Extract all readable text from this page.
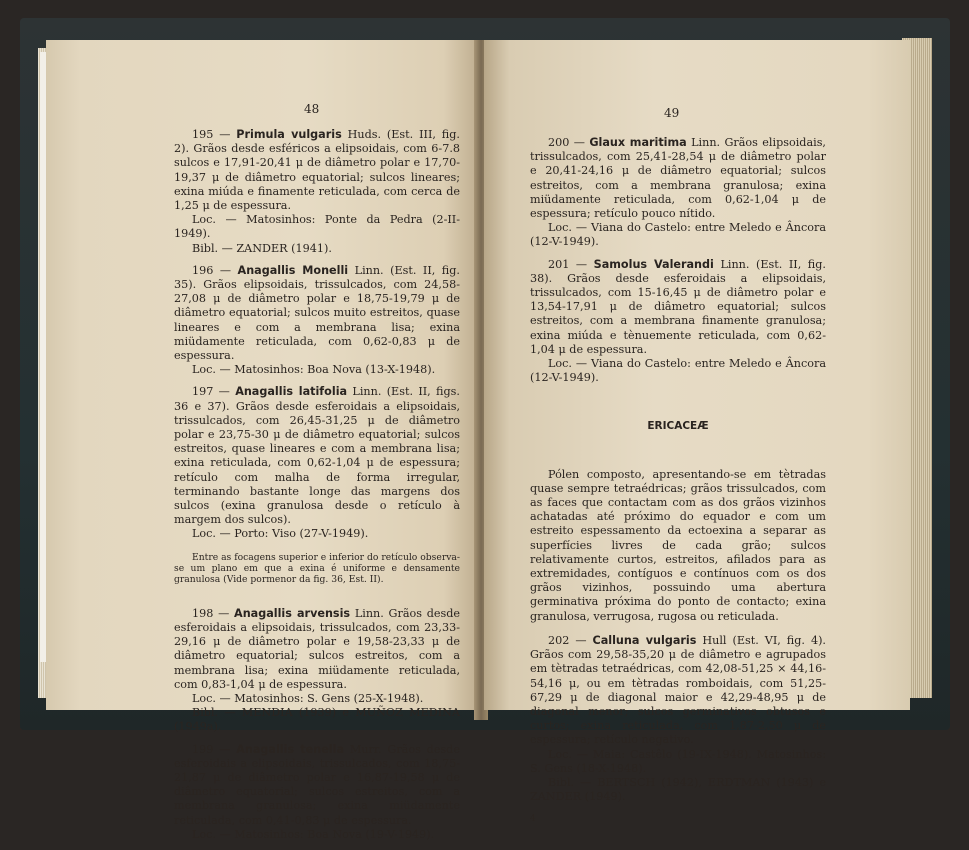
48

195 — Primula vulgaris Huds. (Est. III, fig. 2). Grãos desde esféricos a elipsoidais, com 6-7.8 sulcos e 17,91-20,41 μ de diâmetro polar e 17,70-19,37 μ de diâmetro equatorial; sulcos lineares; exina miúda e finamente reticulada, com cerca de 1,25 μ de espessura.

Loc. — Matosinhos: Ponte da Pedra (2-II-1949).

Bibl. — ZANDER (1941).

196 — Anagallis Monelli Linn. (Est. II, fig. 35). Grãos elipsoidais, trissulcados, com 24,58-27,08 μ de diâmetro polar e 18,75-19,79 μ de diâmetro equatorial; sulcos muito estreitos, quase lineares e com a membrana lisa; exina miüdamente reticulada, com 0,62-0,83 μ de espessura.

Loc. — Matosinhos: Boa Nova (13-X-1948).

197 — Anagallis latifolia Linn. (Est. II, figs. 36 e 37). Grãos desde esferoidais a elipsoidais, trissulcados, com 26,45-31,25 μ de diâmetro polar e 23,75-30 μ de diâmetro equatorial; sulcos estreitos, quase lineares e com a membrana lisa; exina reticulada, com 0,62-1,04 μ de espessura; retículo com malha de forma irregular, terminando bastante longe das margens dos sulcos (exina granulosa desde o retículo à margem dos sulcos).

Loc. — Porto: Viso (27-V-1949).

Entre as focagens superior e inferior do retículo observa-se um plano em que a exina é uniforme e densamente granulosa (Vide pormenor da fig. 36, Est. II).

198 — Anagallis arvensis Linn. Grãos desde esferoidais a elipsoidais, trissulcados, com 23,33-29,16 μ de diâmetro polar e 19,58-23,33 μ de diâmetro equatorial; sulcos estreitos, com a membrana lisa; exina miüdamente reticulada, com 0,83-1,04 μ de espessura.

Loc. — Matosinhos: S. Gens (25-X-1948).

Bibl. — MENDIA (1939) e MUÑOZ MEDINA (1949a).

199 — Anagallis tenella Murr. Grãos desde esferoidais a elipsoidais, trissulcados, com 18,75-21,87 μ de diâmetro polar e 16,87-19,58 μ de diâmetro equatorial; sulcos estreitos, com a membrana granulosa; exina miüdamente reticulada, com 0,41-0,83 μ de espessura.

Loc. — Matosinhos: Boa Nova (19-V-1949).

49

200 — Glaux maritima Linn. Grãos elipsoidais, trissulcados, com 25,41-28,54 μ de diâmetro polar e 20,41-24,16 μ de diâmetro equatorial; sulcos estreitos, com a membrana granulosa; exina miüdamente reticulada, com 0,62-1,04 μ de espessura; retículo pouco nítido.

Loc. — Viana do Castelo: entre Meledo e Âncora (12-V-1949).

201 — Samolus Valerandi Linn. (Est. II, fig. 38). Grãos desde esferoidais a elipsoidais, trissulcados, com 15-16,45 μ de diâmetro polar e 13,54-17,91 μ de diâmetro equatorial; sulcos estreitos, com a membrana finamente granulosa; exina miúda e tènuemente reticulada, com 0,62-1,04 μ de espessura.

Loc. — Viana do Castelo: entre Meledo e Âncora (12-V-1949).

ERICACEÆ

Pólen composto, apresentando-se em tètradas quase sempre tetraédricas; grãos trissulcados, com as faces que contactam com as dos grãos vizinhos achatadas até próximo do equador e com um estreito espessamento da ectoexina a separar as superfícies livres de cada grão; sulcos relativamente curtos, estreitos, afilados para as extremidades, contíguos e contínuos com os dos grãos vizinhos, possuindo uma abertura germinativa próxima do ponto de contacto; exina granulosa, verrugosa, rugosa ou reticulada.

202 — Calluna vulgaris Hull (Est. VI, fig. 4). Grãos com 29,58-35,20 μ de diâmetro e agrupados em tètradas tetraédricas, com 42,08-51,25 × 44,16-54,16 μ, ou em tètradas romboidais, com 51,25-67,29 μ de diagonal maior e 42,29-48,95 μ de diagonal menor; sulcos germinativos obtusos e curtos; exina reticulada, com 1,87-2,50 μ de espessura; retículo negativo.

Loc. — Maia: Castêlo (19-IX-1948). Matosinhos: S. Gens (18-X-1948).

Bibl. — BERTSCH (1942), ERDTMAN (1943) e ZANDER (1949).

4
